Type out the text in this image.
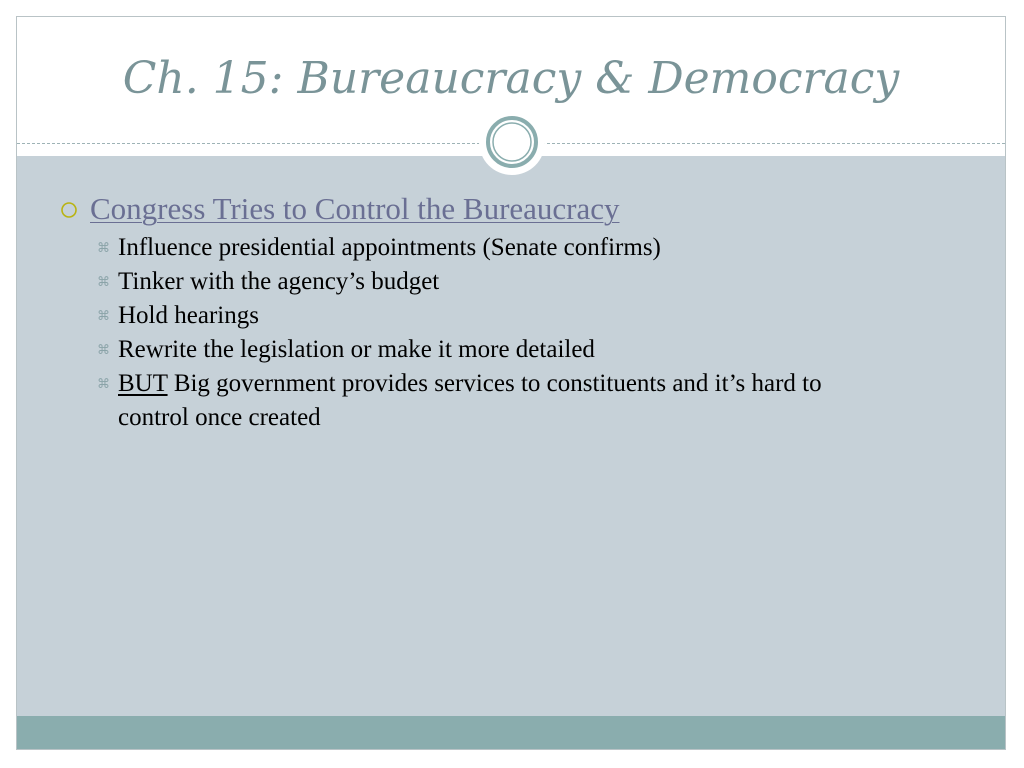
Ch. 15: Bureaucracy & Democracy
Congress Tries to Control the Bureaucracy
⌘ Influence presidential appointments (Senate confirms)
⌘ Tinker with the agency’s budget
⌘ Hold hearings
⌘ Rewrite the legislation or make it more detailed
⌘ BUT Big government provides services to constituents and it’s hard to control once created
